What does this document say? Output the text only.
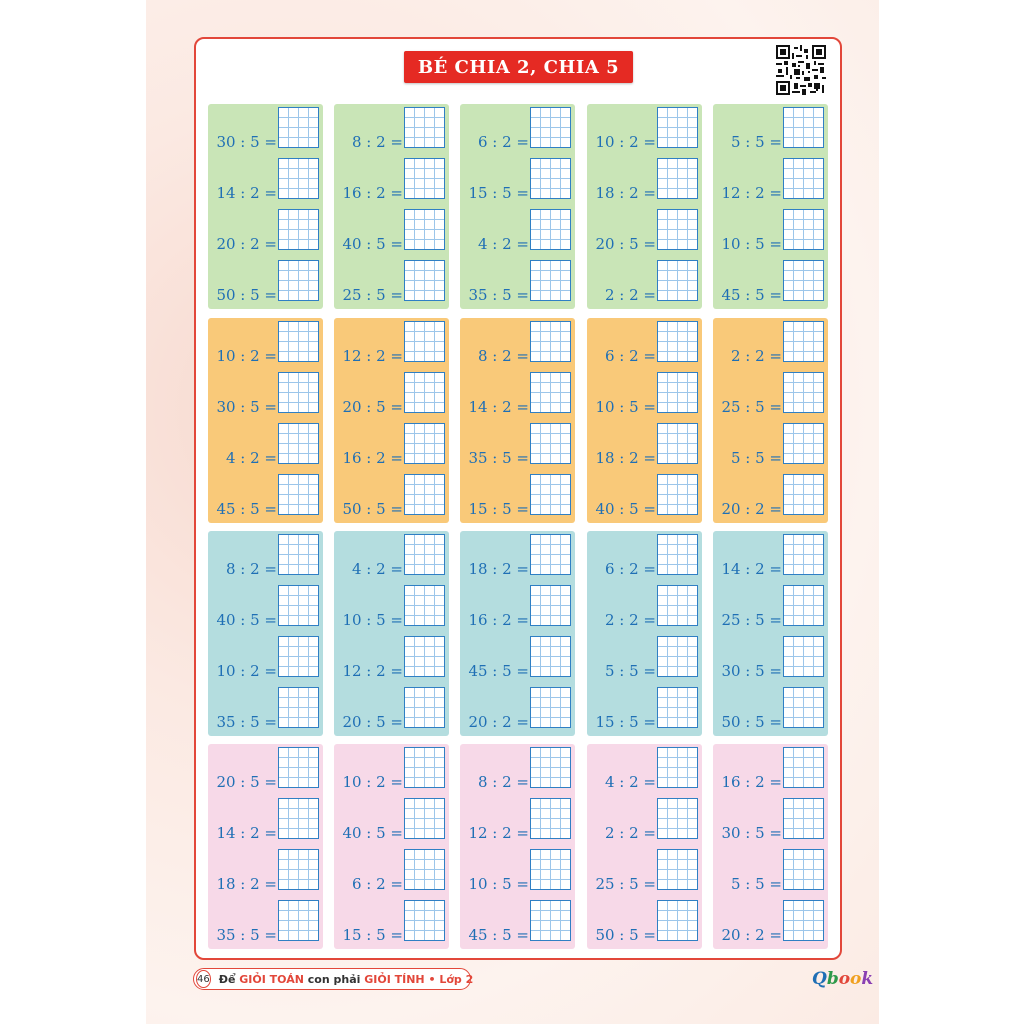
BÉ CHIA 2, CHIA 5
30 : 5 =
14 : 2 =
20 : 2 =
50 : 5 =
8 : 2 =
16 : 2 =
40 : 5 =
25 : 5 =
6 : 2 =
15 : 5 =
4 : 2 =
35 : 5 =
10 : 2 =
18 : 2 =
20 : 5 =
2 : 2 =
5 : 5 =
12 : 2 =
10 : 5 =
45 : 5 =
10 : 2 =
30 : 5 =
4 : 2 =
45 : 5 =
12 : 2 =
20 : 5 =
16 : 2 =
50 : 5 =
8 : 2 =
14 : 2 =
35 : 5 =
15 : 5 =
6 : 2 =
10 : 5 =
18 : 2 =
40 : 5 =
2 : 2 =
25 : 5 =
5 : 5 =
20 : 2 =
8 : 2 =
40 : 5 =
10 : 2 =
35 : 5 =
4 : 2 =
10 : 5 =
12 : 2 =
20 : 5 =
18 : 2 =
16 : 2 =
45 : 5 =
20 : 2 =
6 : 2 =
2 : 2 =
5 : 5 =
15 : 5 =
14 : 2 =
25 : 5 =
30 : 5 =
50 : 5 =
20 : 5 =
14 : 2 =
18 : 2 =
35 : 5 =
10 : 2 =
40 : 5 =
6 : 2 =
15 : 5 =
8 : 2 =
12 : 2 =
10 : 5 =
45 : 5 =
4 : 2 =
2 : 2 =
25 : 5 =
50 : 5 =
16 : 2 =
30 : 5 =
5 : 5 =
20 : 2 =
46 Để GIỎI TOÁN con phải GIỎI TÍNH • Lớp 2	Qbook
